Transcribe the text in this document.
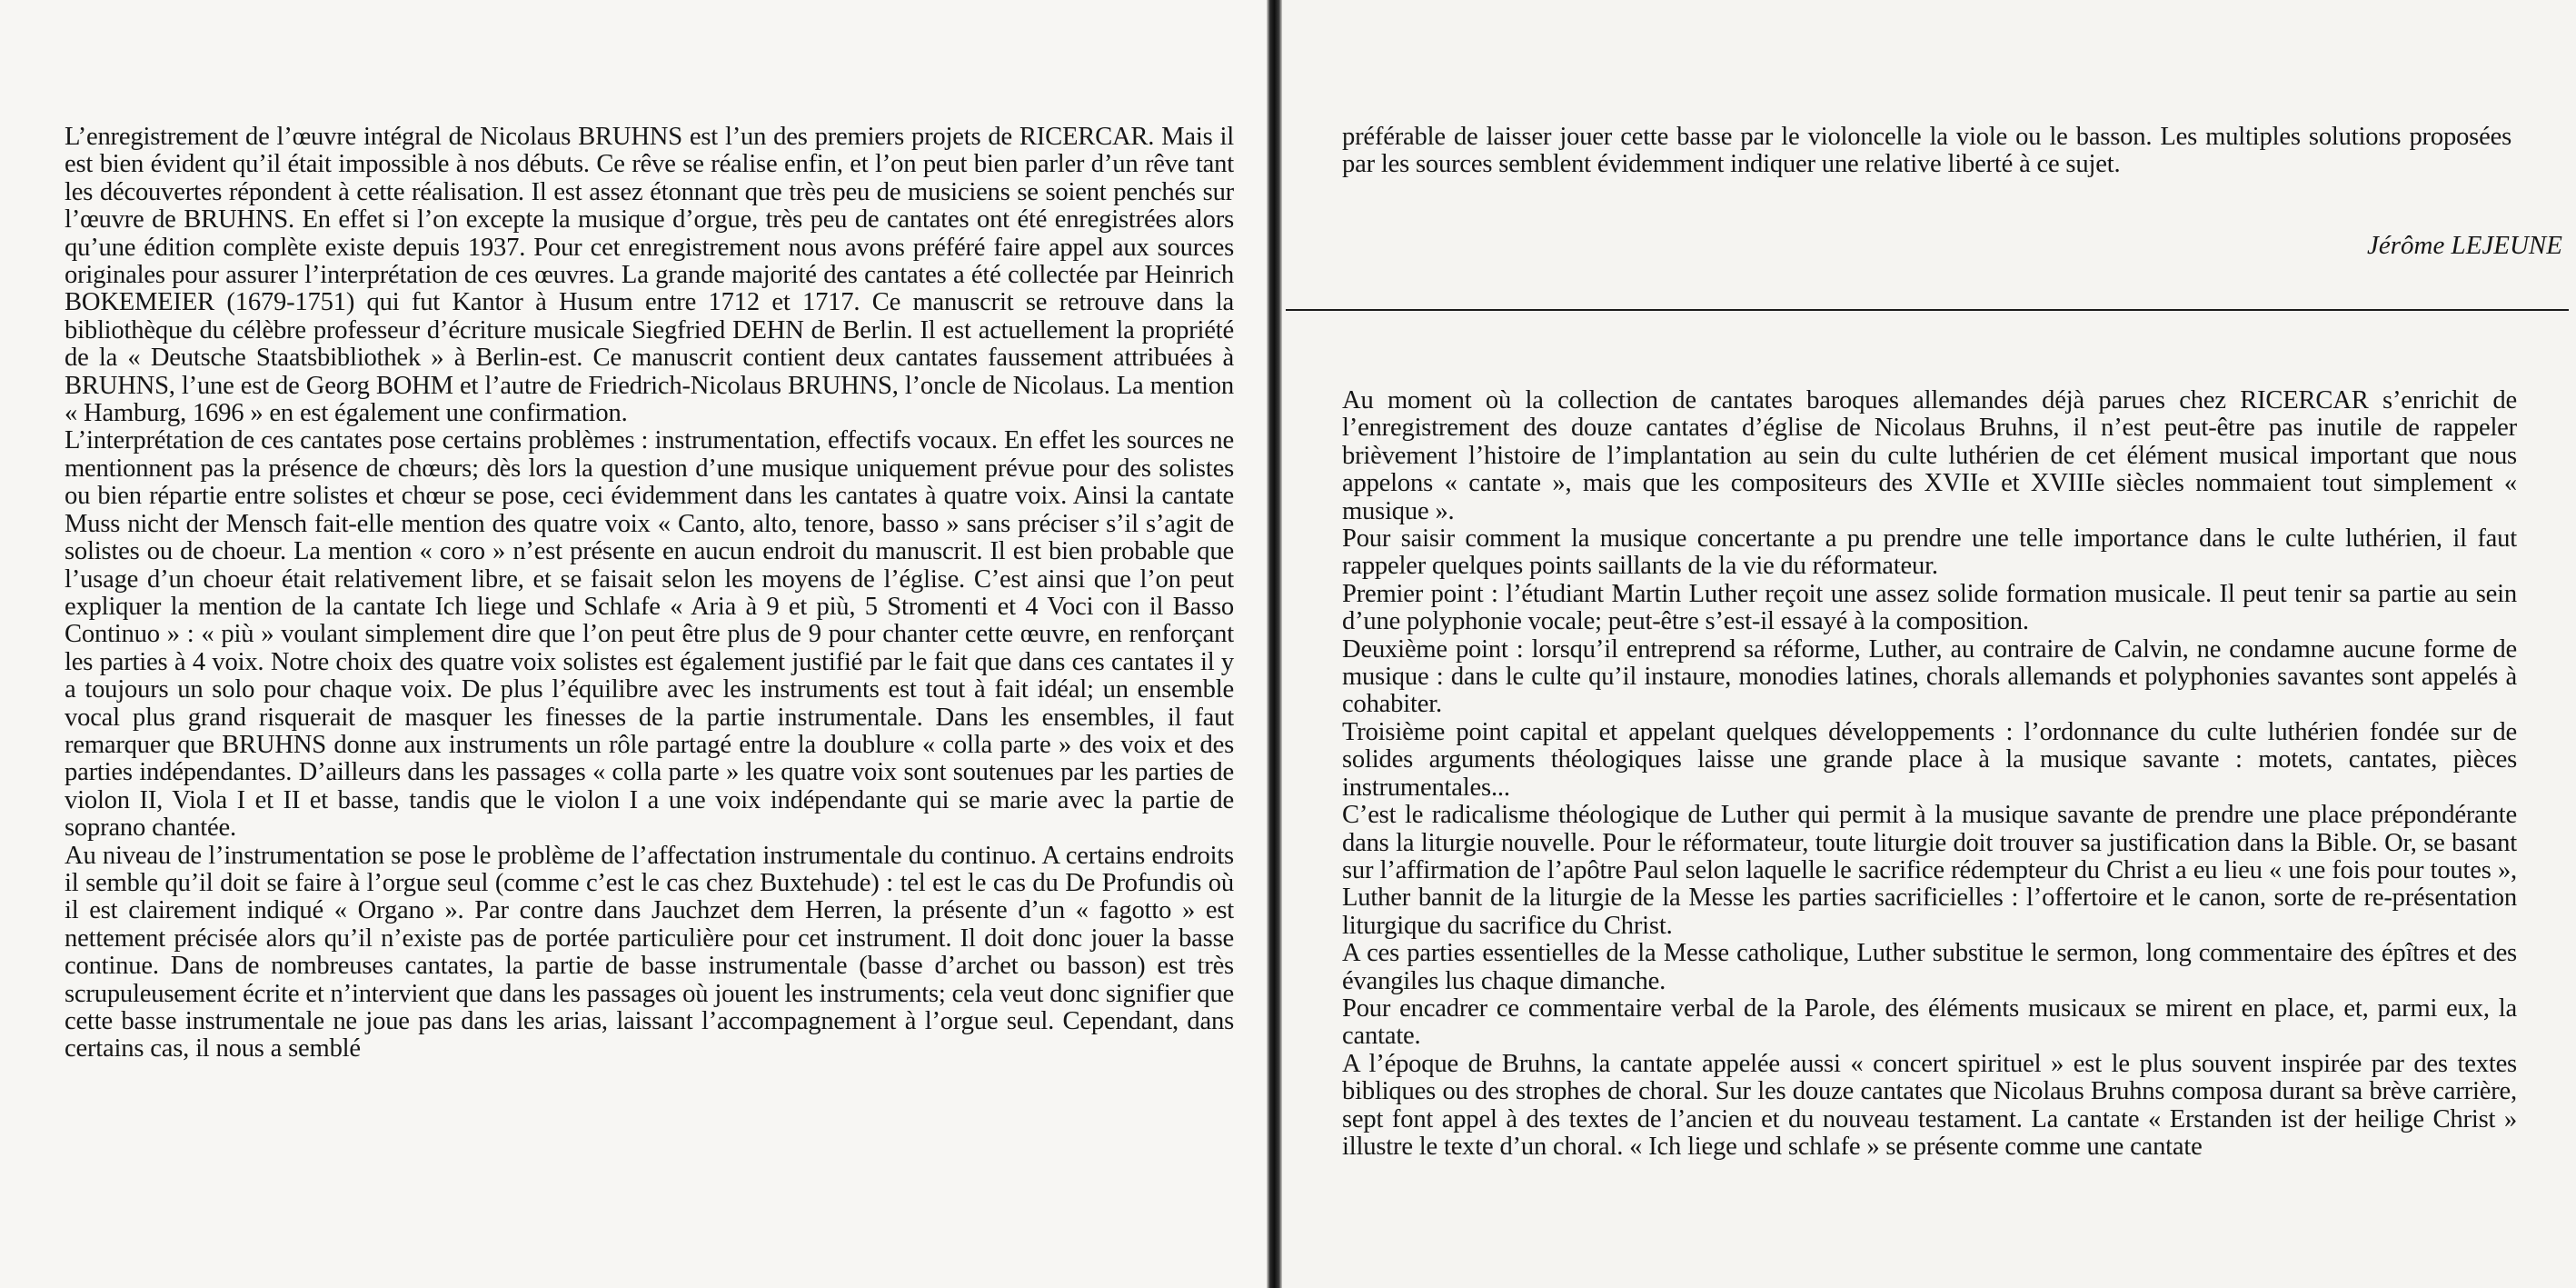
L’enregistrement de l’œuvre intégral de Nicolaus BRUHNS est l’un des premiers projets de RICERCAR. Mais il est bien évident qu’il était impossible à nos débuts. Ce rêve se réalise enfin, et l’on peut bien parler d’un rêve tant les découvertes répondent à cette réalisation. Il est assez étonnant que très peu de musiciens se soient penchés sur l’œuvre de BRUHNS. En effet si l’on excepte la musique d’orgue, très peu de cantates ont été enregistrées alors qu’une édition complète existe depuis 1937. Pour cet enregistrement nous avons préféré faire appel aux sources originales pour assurer l’interprétation de ces œuvres. La grande majorité des cantates a été collectée par Heinrich BOKEMEIER (1679-1751) qui fut Kantor à Husum entre 1712 et 1717. Ce manuscrit se retrouve dans la bibliothèque du célèbre professeur d’écriture musicale Siegfried DEHN de Berlin. Il est actuellement la propriété de la « Deutsche Staatsbibliothek » à Berlin-est. Ce manuscrit contient deux cantates faussement attribuées à BRUHNS, l’une est de Georg BOHM et l’autre de Friedrich-Nicolaus BRUHNS, l’oncle de Nicolaus. La mention « Hamburg, 1696 » en est également une confirmation.

L’interprétation de ces cantates pose certains problèmes : instrumentation, effectifs vocaux. En effet les sources ne mentionnent pas la présence de chœurs; dès lors la question d’une musique uniquement prévue pour des solistes ou bien répartie entre solistes et chœur se pose, ceci évidemment dans les cantates à quatre voix. Ainsi la cantate Muss nicht der Mensch fait-elle mention des quatre voix « Canto, alto, tenore, basso » sans préciser s’il s’agit de solistes ou de choeur. La mention « coro » n’est présente en aucun endroit du manuscrit. Il est bien probable que l’usage d’un choeur était relativement libre, et se faisait selon les moyens de l’église. C’est ainsi que l’on peut expliquer la mention de la cantate Ich liege und Schlafe « Aria à 9 et più, 5 Stromenti et 4 Voci con il Basso Continuo » : « più » voulant simplement dire que l’on peut être plus de 9 pour chanter cette œuvre, en renforçant les parties à 4 voix. Notre choix des quatre voix solistes est également justifié par le fait que dans ces cantates il y a toujours un solo pour chaque voix. De plus l’équilibre avec les instruments est tout à fait idéal; un ensemble vocal plus grand risquerait de masquer les finesses de la partie instrumentale. Dans les ensembles, il faut remarquer que BRUHNS donne aux instruments un rôle partagé entre la doublure « colla parte » des voix et des parties indépendantes. D’ailleurs dans les passages « colla parte » les quatre voix sont soutenues par les parties de violon II, Viola I et II et basse, tandis que le violon I a une voix indépendante qui se marie avec la partie de soprano chantée.

Au niveau de l’instrumentation se pose le problème de l’affectation instrumentale du continuo. A certains endroits il semble qu’il doit se faire à l’orgue seul (comme c’est le cas chez Buxtehude) : tel est le cas du De Profundis où il est clairement indiqué « Organo ». Par contre dans Jauchzet dem Herren, la présente d’un « fagotto » est nettement précisée alors qu’il n’existe pas de portée particulière pour cet instrument. Il doit donc jouer la basse continue. Dans de nombreuses cantates, la partie de basse instrumentale (basse d’archet ou basson) est très scrupuleusement écrite et n’intervient que dans les passages où jouent les instruments; cela veut donc signifier que cette basse instrumentale ne joue pas dans les arias, laissant l’accompagnement à l’orgue seul. Cependant, dans certains cas, il nous a semblé

préférable de laisser jouer cette basse par le violoncelle la viole ou le basson. Les multiples solutions proposées par les sources semblent évidemment indiquer une relative liberté à ce sujet.

Jérôme LEJEUNE

Au moment où la collection de cantates baroques allemandes déjà parues chez RICERCAR s’enrichit de l’enregistrement des douze cantates d’église de Nicolaus Bruhns, il n’est peut-être pas inutile de rappeler brièvement l’histoire de l’implantation au sein du culte luthérien de cet élément musical important que nous appelons « cantate », mais que les compositeurs des XVIIe et XVIIIe siècles nommaient tout simplement « musique ».

Pour saisir comment la musique concertante a pu prendre une telle importance dans le culte luthérien, il faut rappeler quelques points saillants de la vie du réformateur.

Premier point : l’étudiant Martin Luther reçoit une assez solide formation musicale. Il peut tenir sa partie au sein d’une polyphonie vocale; peut-être s’est-il essayé à la composition.

Deuxième point : lorsqu’il entreprend sa réforme, Luther, au contraire de Calvin, ne condamne aucune forme de musique : dans le culte qu’il instaure, monodies latines, chorals allemands et polyphonies savantes sont appelés à cohabiter.

Troisième point capital et appelant quelques développements : l’ordonnance du culte luthérien fondée sur de solides arguments théologiques laisse une grande place à la musique savante : motets, cantates, pièces instrumentales...

C’est le radicalisme théologique de Luther qui permit à la musique savante de prendre une place prépondérante dans la liturgie nouvelle. Pour le réformateur, toute liturgie doit trouver sa justification dans la Bible. Or, se basant sur l’affirmation de l’apôtre Paul selon laquelle le sacrifice rédempteur du Christ a eu lieu « une fois pour toutes », Luther bannit de la liturgie de la Messe les parties sacrificielles : l’offertoire et le canon, sorte de re-présentation liturgique du sacrifice du Christ.

A ces parties essentielles de la Messe catholique, Luther substitue le sermon, long commentaire des épîtres et des évangiles lus chaque dimanche.

Pour encadrer ce commentaire verbal de la Parole, des éléments musicaux se mirent en place, et, parmi eux, la cantate.

A l’époque de Bruhns, la cantate appelée aussi « concert spirituel » est le plus souvent inspirée par des textes bibliques ou des strophes de choral. Sur les douze cantates que Nicolaus Bruhns composa durant sa brève carrière, sept font appel à des textes de l’ancien et du nouveau testament. La cantate « Erstanden ist der heilige Christ » illustre le texte d’un choral. « Ich liege und schlafe » se présente comme une cantate
